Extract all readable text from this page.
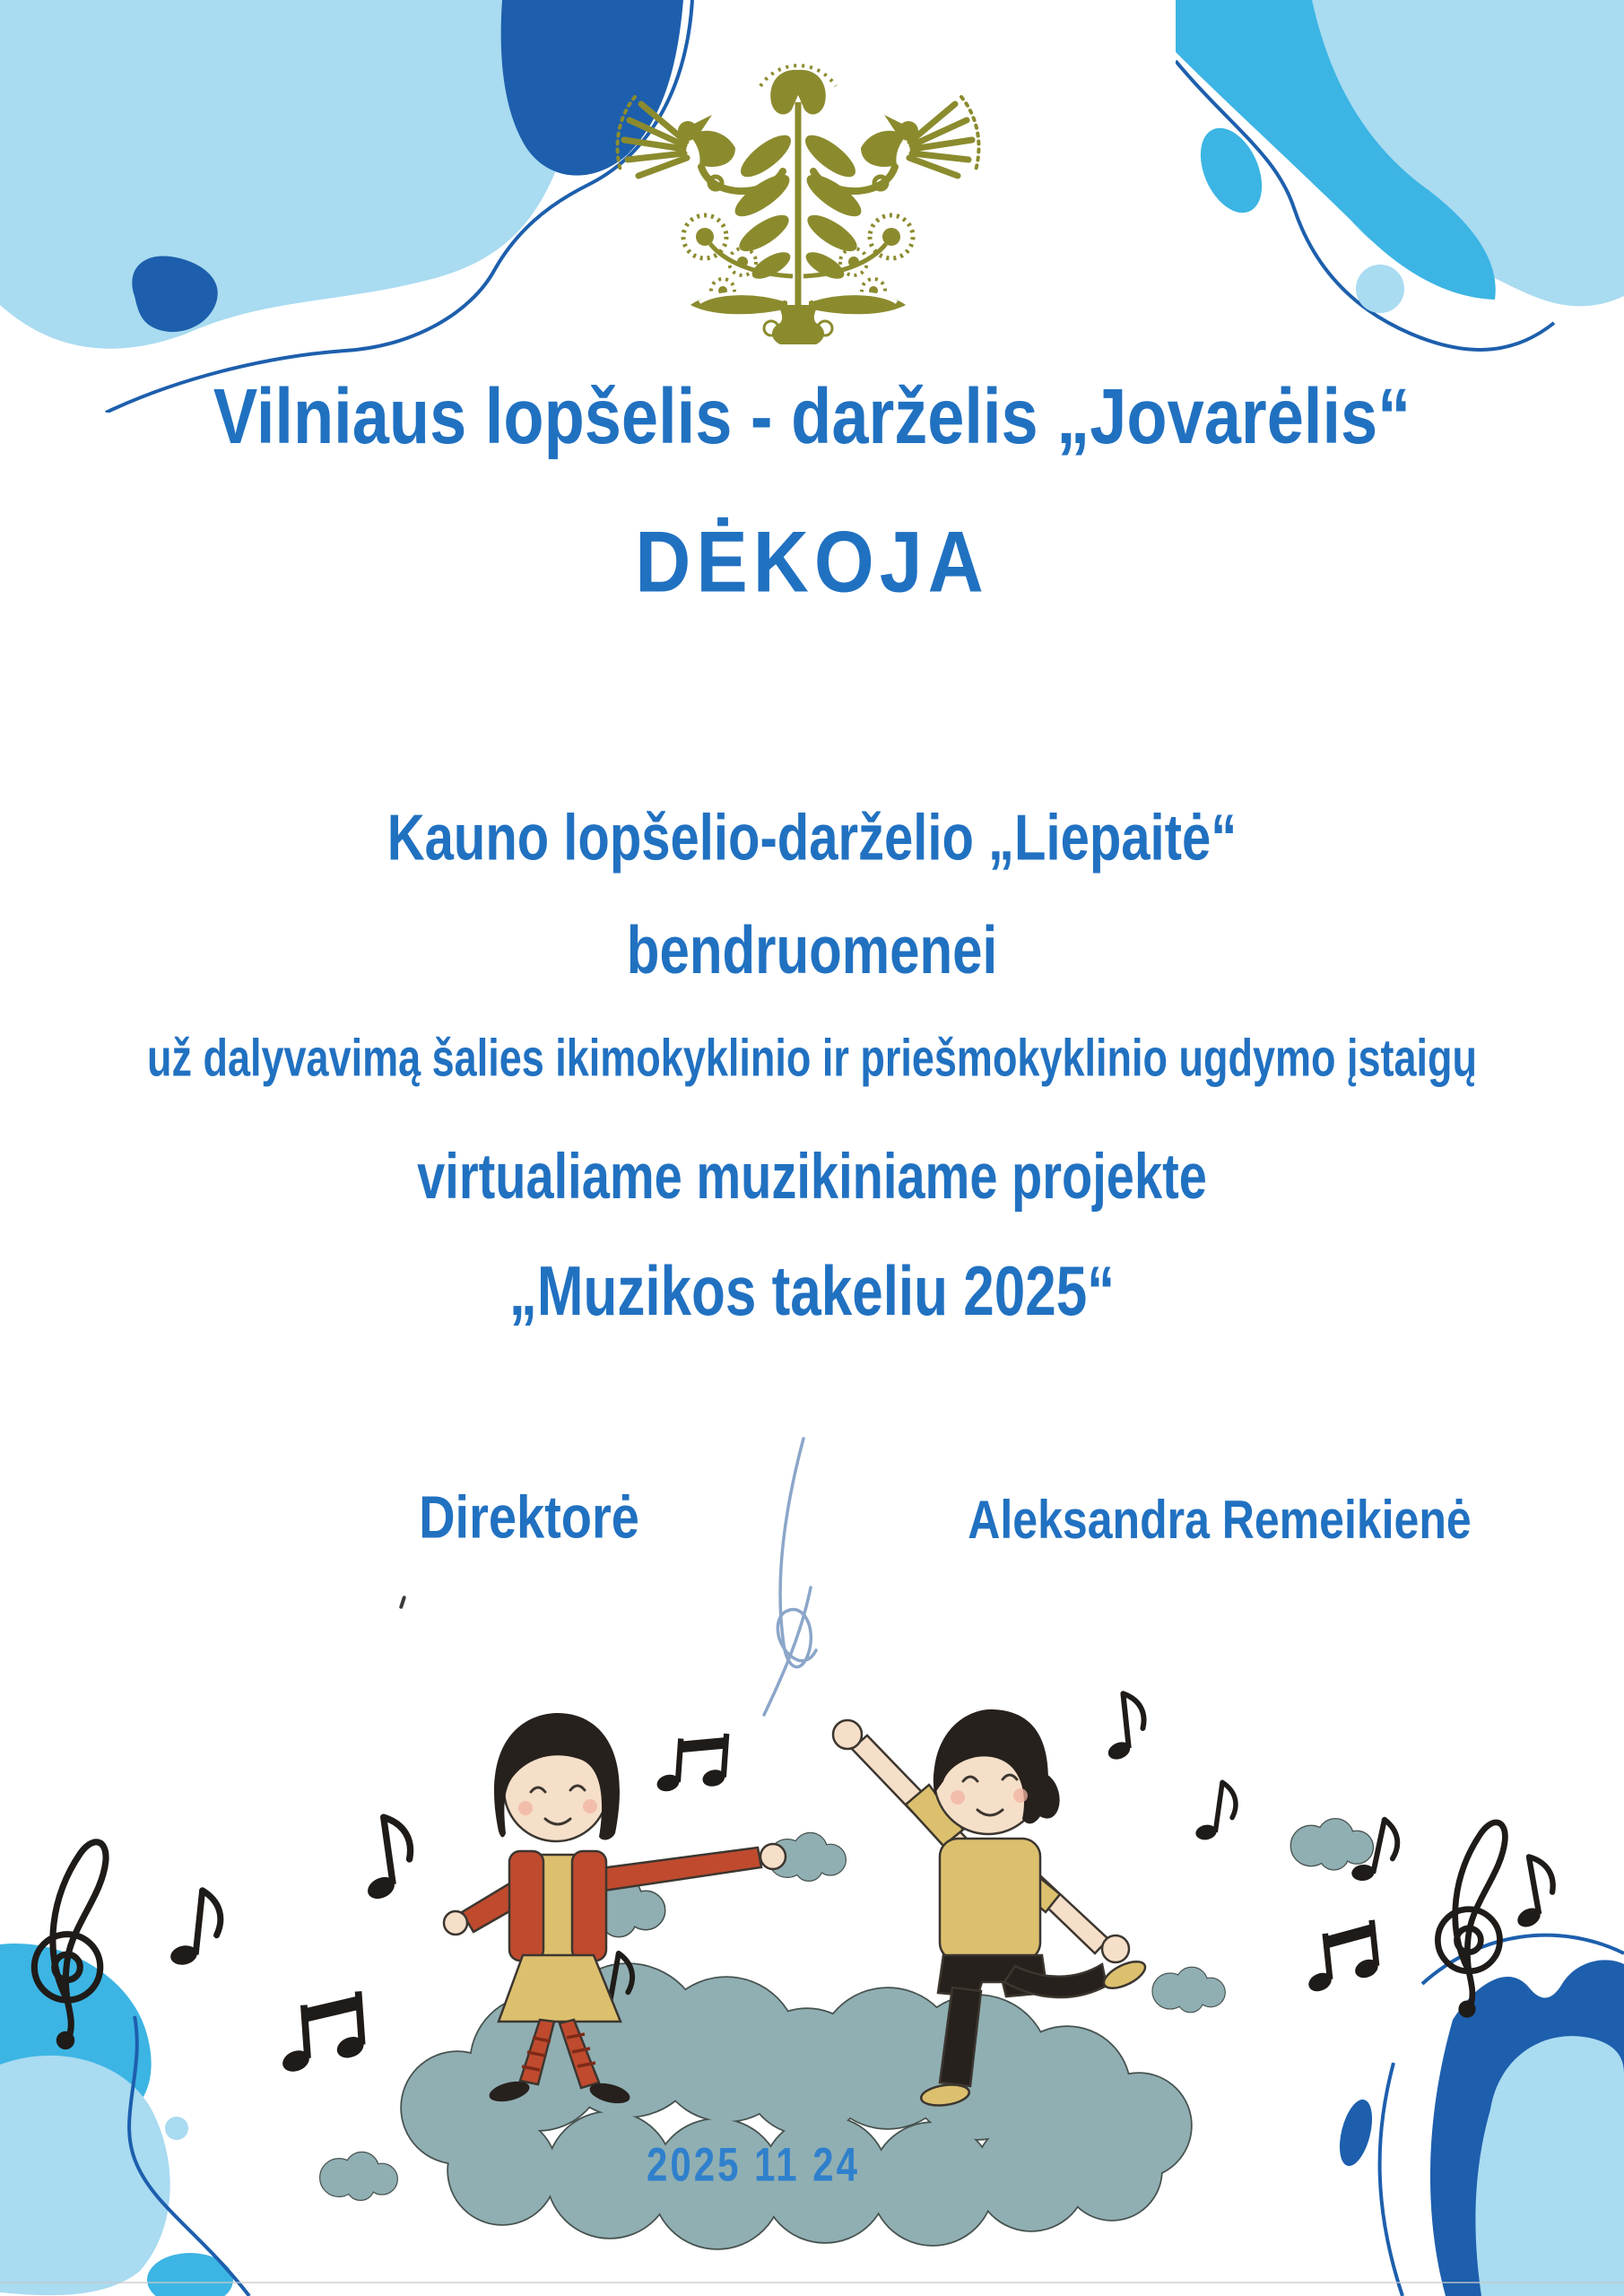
Vilniaus lopšelis - darželis „Jovarėlis“
DĖKOJA
Kauno lopšelio-darželio „Liepaitė“
bendruomenei
už dalyvavimą šalies ikimokyklinio ir priešmokyklinio ugdymo įstaigų
virtualiame muzikiniame projekte
„Muzikos takeliu 2025“
Direktorė	Aleksandra Remeikienė
2025 11 24
